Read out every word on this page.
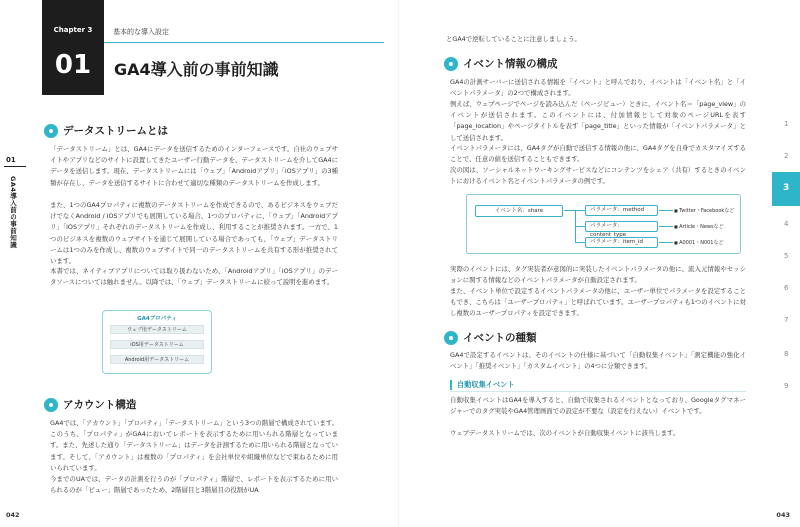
01
GA4導入前の事前知識
Chapter 3
01
基本的な導入設定
GA4導入前の事前知識
データストリームとは

「データストリーム」とは、GA4にデータを送信するためのインターフェースです。自社のウェブサイトやアプリなどのサイトに設置してきたユーザー行動データを、データストリームを介してGA4にデータを送信します。現在、データストリームには「ウェブ」「Androidアプリ」「iOSアプリ」の3種類が存在し、データを送信するサイトに合わせて適切な種類のデータストリームを作成します。

また、1つのGA4プロパティに複数のデータストリームを作成できるので、あるビジネスをウェブだけでなくAndroid / iOSアプリでも展開している場合、1つのプロパティに、「ウェブ」「Androidアプリ」「iOSアプリ」それぞれのデータストリームを作成し、利用することが推奨されます。一方で、1つのビジネスを複数のウェブサイトを通じて展開している場合であっても、「ウェブ」データストリームは1つのみを作成し、複数のウェブサイトで同一のデータストリームを共有する形が推奨されています。

本書では、ネイティブアプリについては取り扱わないため、「Androidアプリ」「iOSアプリ」のデータソースについては触れません。以降では、「ウェブ」データストリームに絞って説明を進めます。

GA4プロパティ
ウェブ用データストリーム
iOS用データストリーム
Android用データストリーム
アカウント構造

GA4では、「アカウント」「プロパティ」「データストリーム」という3つの階層で構成されています。このうち、「プロパティ」がGA4においてレポートを表示するために用いられる階層となっています。また、先述した通り「データストリーム」はデータを計測するために用いられる階層となっています。そして、「アカウント」は複数の「プロパティ」を会社単位や組織単位などで束ねるために用いられています。

今までのUAでは、データの計測を行うのが「プロパティ」階層で、レポートを表示するために用いられるのが「ビュー」階層であったため、2階層目と3階層目の役割がUA

042

とGA4で逆転していることに注意しましょう。

イベント情報の構成

GA4の計測サーバーに送信される情報を「イベント」と呼んでおり、イベントは「イベント名」と「イベントパラメータ」の2つで構成されます。

例えば、ウェブページでページを読み込んだ（ページビュー）ときに、イベント名＝「page_view」のイベントが送信されます。このイベントには、付加情報として対象のページURLを表す「page_location」やページタイトルを表す「page_title」といった情報が「イベントパラメータ」として送信されます。

イベントパラメータには、GA4タグが自動で送信する情報の他に、GA4タグを自身でカスタマイズすることで、任意の値を送信することもできます。

次の図は、ソーシャルネットワーキングサービスなどにコンテンツをシェア（共有）するときのイベントにおけるイベント名とイベントパラメータの例です。

イベント名：share	パラメータ：method
パラメータ：content_type
パラメータ：item_id
■ Twitter・Facebookなど
■ Article・Newsなど
■ A0001・N001など

実際のイベントには、タグ実装者が意図的に実装したイベントパラメータの他に、流入元情報やセッションに関する情報などのイベントパラメータが自動設定されます。

また、イベント単位で設定するイベントパラメータの他に、ユーザー単位でパラメータを設定することもでき、こちらは「ユーザープロパティ」と呼ばれています。ユーザープロパティも1つのイベントに対し複数のユーザープロパティを設定できます。

イベントの種類

GA4で設定するイベントは、そのイベントの仕様に基づいて「自動収集イベント」「測定機能の強化イベント」「推奨イベント」「カスタムイベント」の4つに分類できます。

自動収集イベント

自動収集イベントはGA4を導入すると、自動で収集されるイベントとなっており、Googleタグマネージャーでのタグ実装やGA4管理画面での設定が不要な（設定を行えない）イベントです。

ウェブデータストリームでは、次のイベントが自動収集イベントに該当します。

1
2
3
4
5
6
7
8
9
043
